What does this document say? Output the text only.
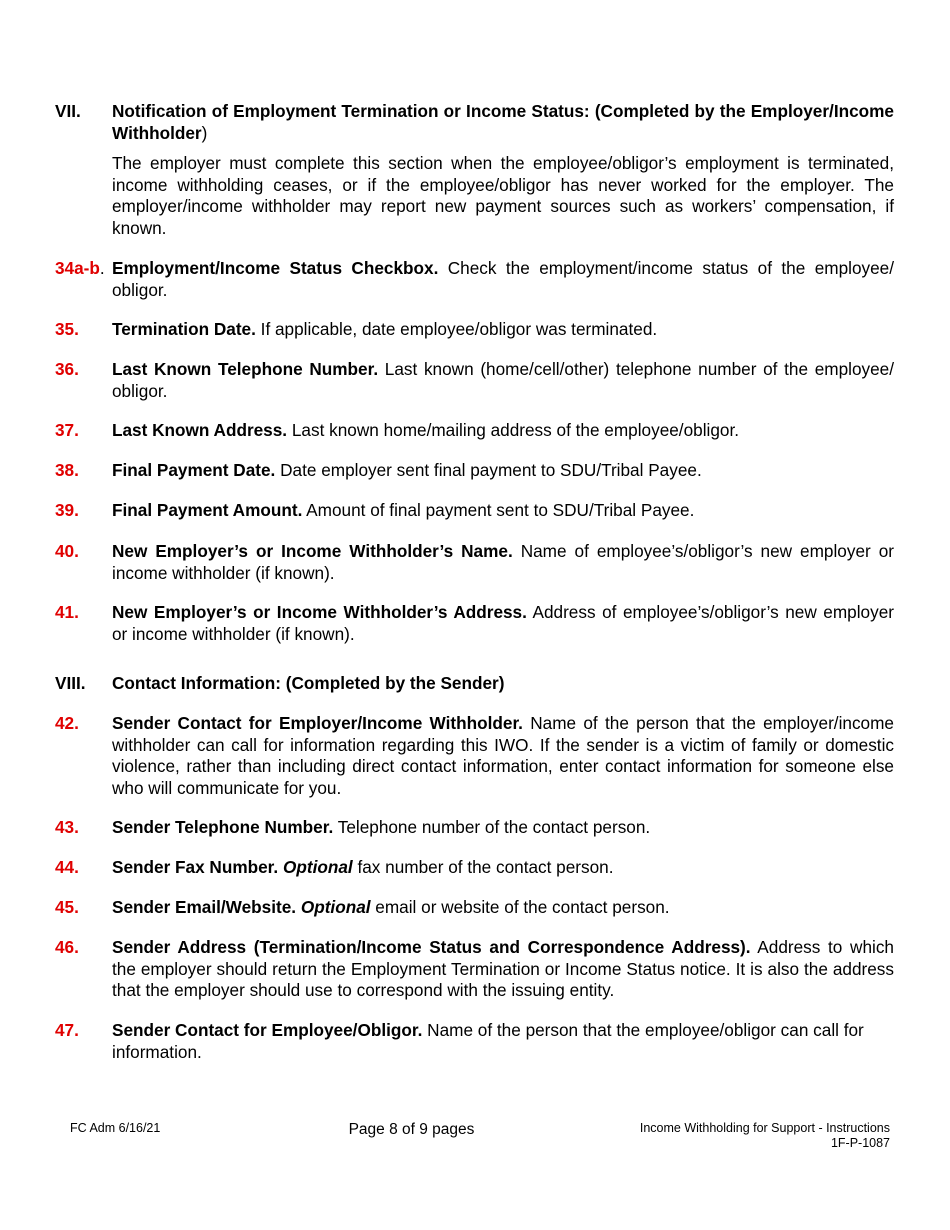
VII. Notification of Employment Termination or Income Status: (Completed by the Employer/Income Withholder)
The employer must complete this section when the employee/obligor’s employment is terminated, income withholding ceases, or if the employee/obligor has never worked for the employer. The employer/income withholder may report new payment sources such as workers’ compensation, if known.
34a-b. Employment/Income Status Checkbox. Check the employment/income status of the employee/ obligor.
35. Termination Date. If applicable, date employee/obligor was terminated.
36. Last Known Telephone Number. Last known (home/cell/other) telephone number of the employee/ obligor.
37. Last Known Address. Last known home/mailing address of the employee/obligor.
38. Final Payment Date. Date employer sent final payment to SDU/Tribal Payee.
39. Final Payment Amount. Amount of final payment sent to SDU/Tribal Payee.
40. New Employer’s or Income Withholder’s Name. Name of employee’s/obligor’s new employer or income withholder (if known).
41. New Employer’s or Income Withholder’s Address. Address of employee’s/obligor’s new employer or income withholder (if known).
VIII. Contact Information: (Completed by the Sender)
42. Sender Contact for Employer/Income Withholder. Name of the person that the employer/income withholder can call for information regarding this IWO. If the sender is a victim of family or domestic violence, rather than including direct contact information, enter contact information for someone else who will communicate for you.
43. Sender Telephone Number. Telephone number of the contact person.
44. Sender Fax Number. Optional fax number of the contact person.
45. Sender Email/Website. Optional email or website of the contact person.
46. Sender Address (Termination/Income Status and Correspondence Address). Address to which the employer should return the Employment Termination or Income Status notice. It is also the address that the employer should use to correspond with the issuing entity.
47. Sender Contact for Employee/Obligor. Name of the person that the employee/obligor can call for information.
FC Adm 6/16/21	Page 8 of 9 pages	Income Withholding for Support - Instructions
1F-P-1087
